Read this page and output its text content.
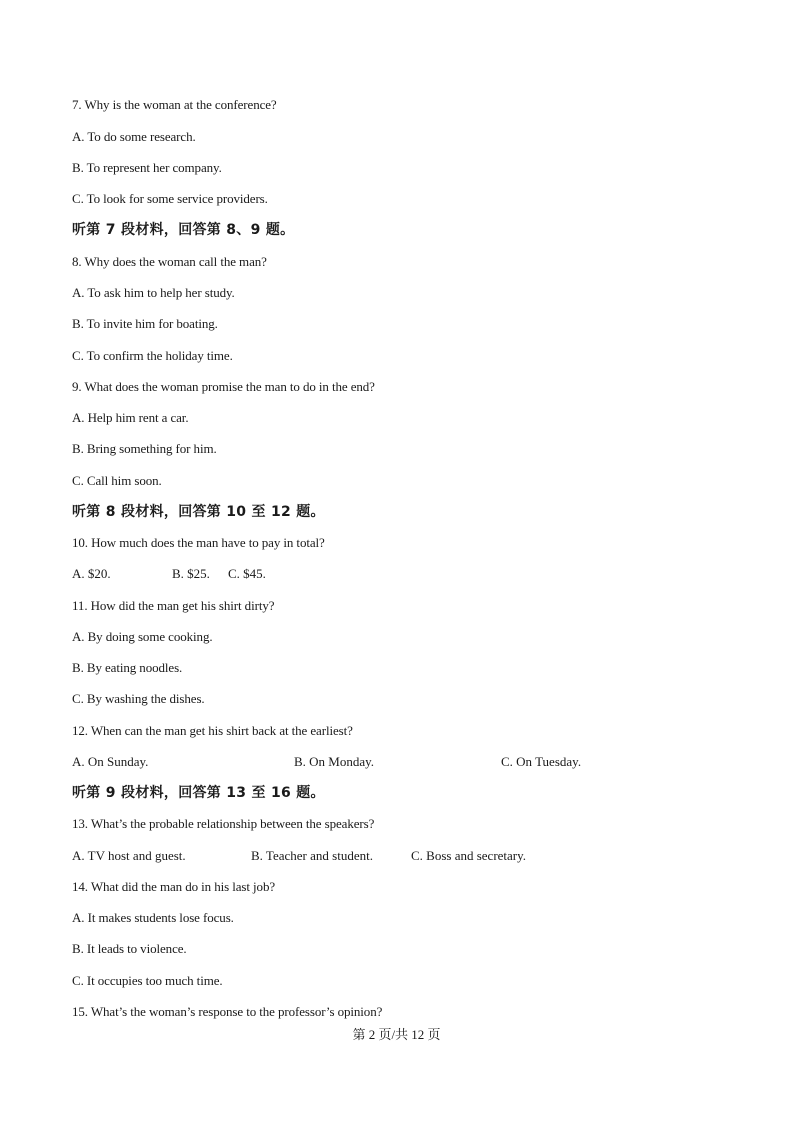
7. Why is the woman at the conference?
A. To do some research.
B. To represent her company.
C. To look for some service providers.
听第 7 段材料，回答第 8、9 题。
8. Why does the woman call the man?
A. To ask him to help her study.
B. To invite him for boating.
C. To confirm the holiday time.
9. What does the woman promise the man to do in the end?
A. Help him rent a car.
B. Bring something for him.
C. Call him soon.
听第 8 段材料，回答第 10 至 12 题。
10. How much does the man have to pay in total?
A. $20.	B. $25. C. $45.
11. How did the man get his shirt dirty?
A. By doing some cooking.
B. By eating noodles.
C. By washing the dishes.
12. When can the man get his shirt back at the earliest?
A. On Sunday.	B. On Monday.	C. On Tuesday.
听第 9 段材料，回答第 13 至 16 题。
13. What’s the probable relationship between the speakers?
A. TV host and guest.	B. Teacher and student.	C. Boss and secretary.
14. What did the man do in his last job?
A. It makes students lose focus.
B. It leads to violence.
C. It occupies too much time.
15. What’s the woman’s response to the professor’s opinion?
第 2 页/共 12 页
